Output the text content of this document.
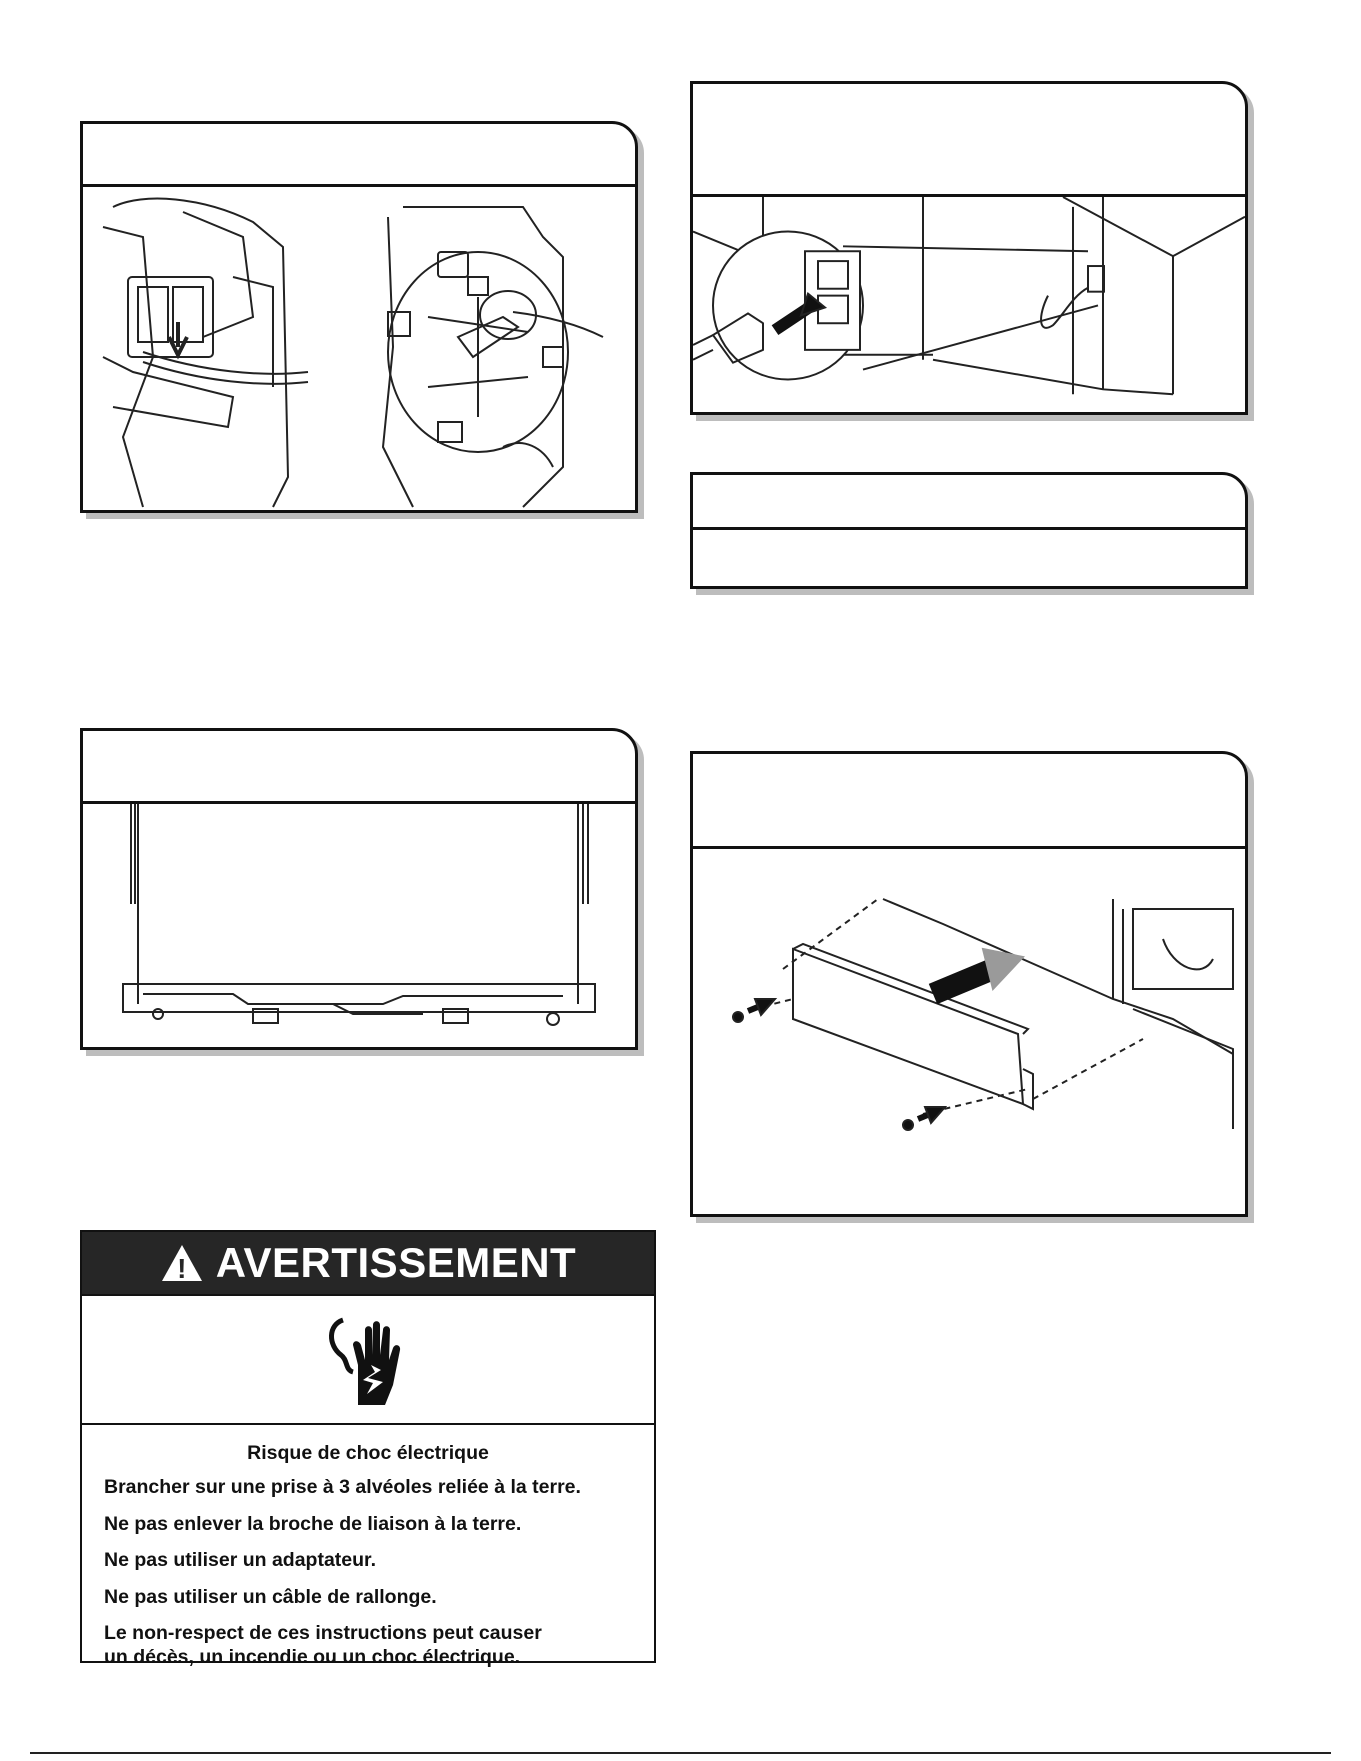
! AVERTISSEMENT

Risque de choc électrique

Brancher sur une prise à 3 alvéoles reliée à la terre.

Ne pas enlever la broche de liaison à la terre.

Ne pas utiliser un adaptateur.

Ne pas utiliser un câble de rallonge.

Le non-respect de ces instructions peut causer
un décès, un incendie ou un choc électrique.
